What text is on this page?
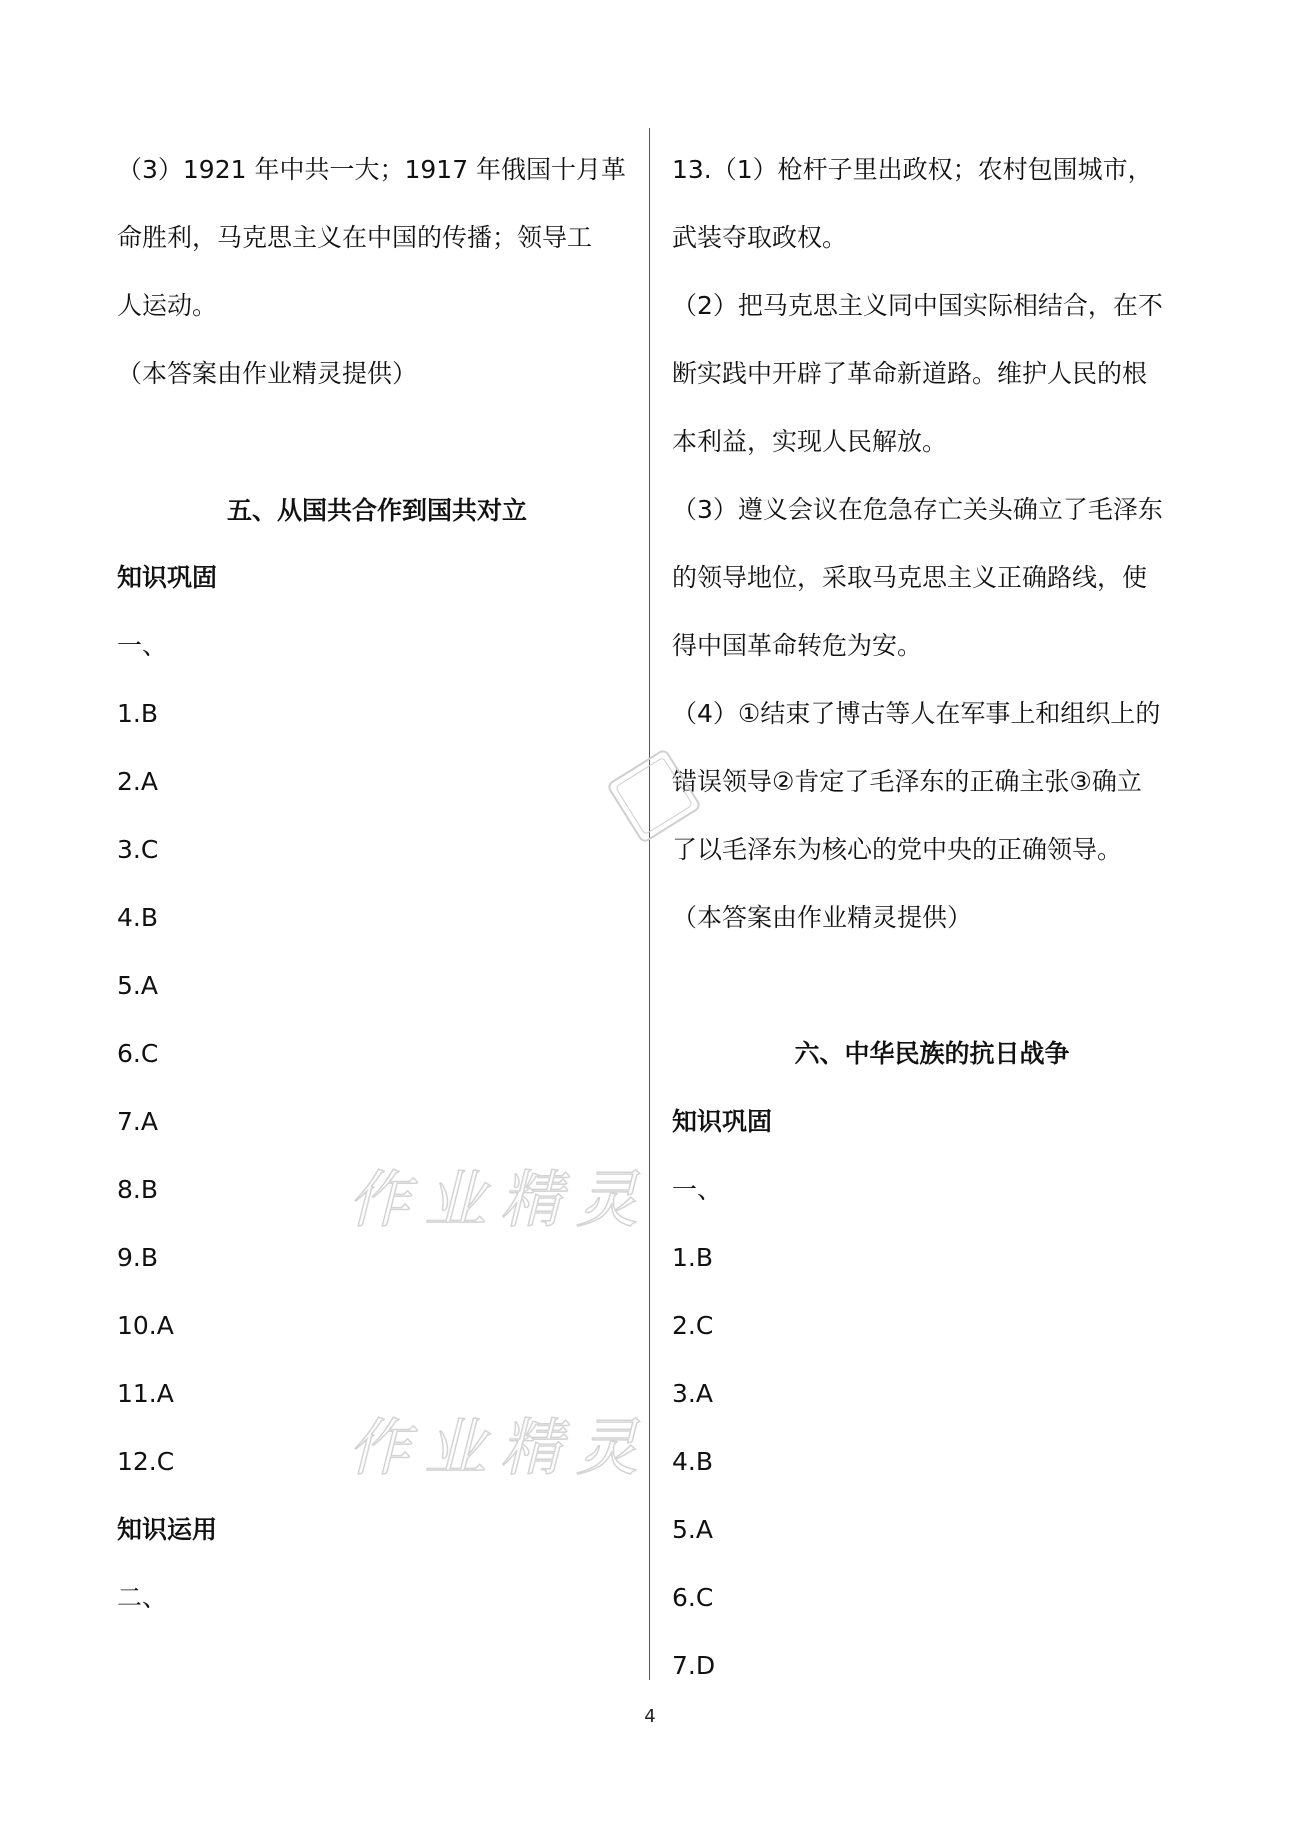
（3）1921 年中共一大；1917 年俄国十月革
命胜利，马克思主义在中国的传播；领导工
人运动。
（本答案由作业精灵提供）
五、从国共合作到国共对立
知识巩固
一、
1.B
2.A
3.C
4.B
5.A
6.C
7.A
8.B
9.B
10.A
11.A
12.C
知识运用
二、
13.（1）枪杆子里出政权；农村包围城市，
武装夺取政权。
（2）把马克思主义同中国实际相结合，在不
断实践中开辟了革命新道路。维护人民的根
本利益，实现人民解放。
（3）遵义会议在危急存亡关头确立了毛泽东
的领导地位，采取马克思主义正确路线，使
得中国革命转危为安。
（4）①结束了博古等人在军事上和组织上的
错误领导②肯定了毛泽东的正确主张③确立
了以毛泽东为核心的党中央的正确领导。
（本答案由作业精灵提供）
六、中华民族的抗日战争
知识巩固
一、
1.B
2.C
3.A
4.B
5.A
6.C
7.D
作业精灵
作业精灵
4
